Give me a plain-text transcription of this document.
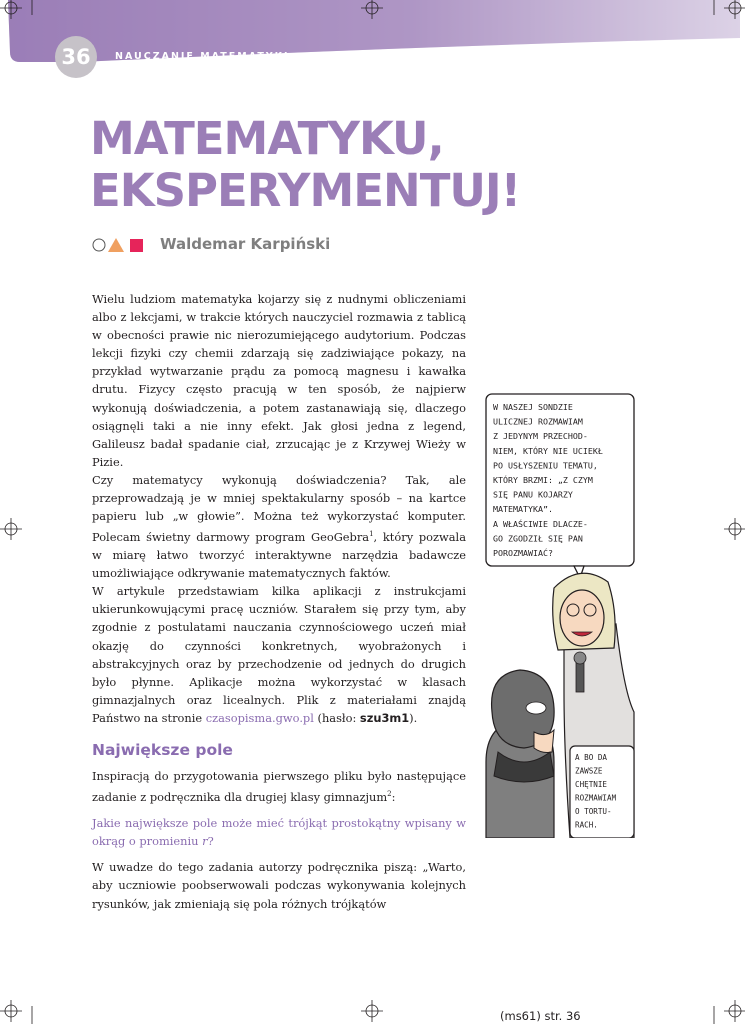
36	NAUCZANIE MATEMATYKI
MATEMATYKU,
EKSPERYMENTUJ!
Waldemar Karpiński

Wielu ludziom matematyka kojarzy się z nudnymi obliczeniami albo z lekcjami, w trakcie których nauczyciel rozmawia z tablicą w obecności prawie nic nierozumiejącego audytorium. Podczas lekcji fizyki czy chemii zdarzają się zadziwiające pokazy, na przykład wytwarzanie prądu za pomocą magnesu i kawałka drutu. Fizycy często pracują w ten sposób, że najpierw wykonują doświadczenia, a potem zastanawiają się, dlaczego osiągnęli taki a nie inny efekt. Jak głosi jedna z legend, Galileusz badał spadanie ciał, zrzucając je z Krzywej Wieży w Pizie.

Czy matematycy wykonują doświadczenia? Tak, ale przeprowadzają je w mniej spektakularny sposób – na kartce papieru lub „w głowie”. Można też wykorzystać komputer. Polecam świetny darmowy program GeoGebra$^1$, który pozwala w miarę łatwo tworzyć interaktywne narzędzia badawcze umożliwiające odkrywanie matematycznych faktów.

W artykule przedstawiam kilka aplikacji z instrukcjami ukierunkowującymi pracę uczniów. Starałem się przy tym, aby zgodnie z postulatami nauczania czynnościowego uczeń miał okazję do czynności konkretnych, wyobrażonych i abstrakcyjnych oraz by przechodzenie od jednych do drugich było płynne. Aplikacje można wykorzystać w klasach gimnazjalnych oraz licealnych. Plik z materiałami znajdą Państwo na stronie czasopisma.gwo.pl (hasło: szu3m1).

Największe pole

Inspiracją do przygotowania pierwszego pliku było następujące zadanie z podręcznika dla drugiej klasy gimnazjum$^2$:

Jakie największe pole może mieć trójkąt prostokątny wpisany w okrąg o promieniu r?

W uwadze do tego zadania autorzy podręcznika piszą: „Warto, aby uczniowie poobserwowali podczas wykonywania kolejnych rysunków, jak zmieniają się pola różnych trójkątów

W NASZEJ SONDZIE ULICZNEJ ROZMAWIAM Z JEDYNYM PRZECHOD-NIEM, KTÓRY NIE UCIEKŁ PO USŁYSZENIU TEMATU, KTÓRY BRZMI: „Z CZYM SIĘ PANU KOJARZY MATEMATYKA”. A WŁAŚCIWIE DLACZE-GO ZGODZIŁ SIĘ PAN POROZMAWIAĆ?
A BO DA ZAWSZE CHĘTNIE ROZMAWIAM O TORTU-RACH.
(ms61) str. 36
